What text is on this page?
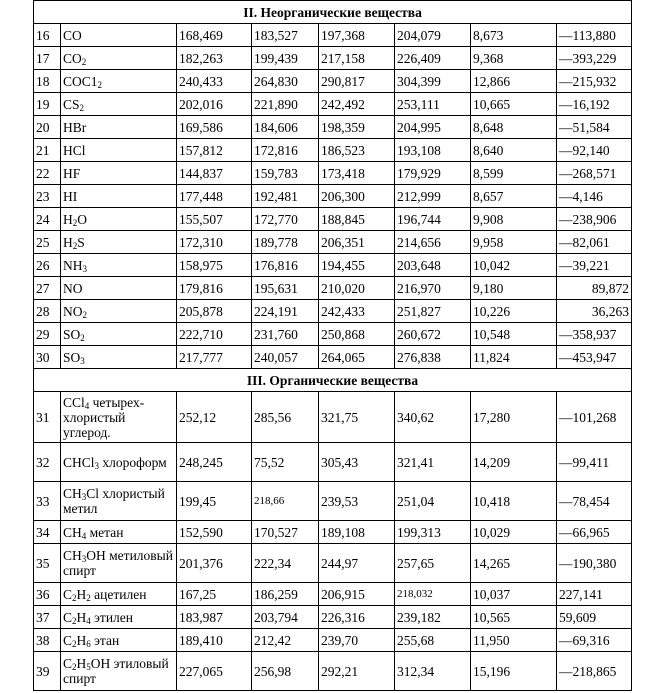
II. Неорганические вещества							
16	CO	168,469	183,527	197,368	204,079	8,673	—113,880
17	$CO_2$	182,263	199,439	217,158	226,409	9,368	—393,229
18	$COC1_2$	240,433	264,830	290,817	304,399	12,866	—215,932
19	$CS_2$	202,016	221,890	242,492	253,111	10,665	—16,192
20	HBr	169,586	184,606	198,359	204,995	8,648	—51,584
21	HCl	157,812	172,816	186,523	193,108	8,640	—92,140
22	HF	144,837	159,783	173,418	179,929	8,599	—268,571
23	HI	177,448	192,481	206,300	212,999	8,657	—4,146
24	$H_2O$	155,507	172,770	188,845	196,744	9,908	—238,906
25	$H_2S$	172,310	189,778	206,351	214,656	9,958	—82,061
26	$NH_3$	158,975	176,816	194,455	203,648	10,042	—39,221
27	NO	179,816	195,631	210,020	216,970	9,180	89,872
28	$NO_2$	205,878	224,191	242,433	251,827	10,226	36,263
29	$SO_2$	222,710	231,760	250,868	260,672	10,548	—358,937
30	$SO_3$	217,777	240,057	264,065	276,838	11,824	—453,947
III. Органические вещества							
31	CCl$_4$ четырех-хлористый углерод.	252,12	285,56	321,75	340,62	17,280	—101,268
32	CHCl$_3$ хлороформ	248,245	75,52	305,43	321,41	14,209	—99,411
33	$CH_3Cl$ хлористый метил	199,45	218,66	239,53	251,04	10,418	—78,454
34	$CH_4$ метан	152,590	170,527	189,108	199,313	10,029	—66,965
35	$CH_3OH$ метиловый спирт	201,376	222,34	244,97	257,65	14,265	—190,380
36	$C_2H_2$ ацетилен	167,25	186,259	206,915	218,032	10,037	227,141
37	$C_2H_4$ этилен	183,987	203,794	226,316	239,182	10,565	59,609
38	$C_2H_6$ этан	189,410	212,42	239,70	255,68	11,950	—69,316
39	$C_2H_5OH$ этиловый спирт	227,065	256,98	292,21	312,34	15,196	—218,865
